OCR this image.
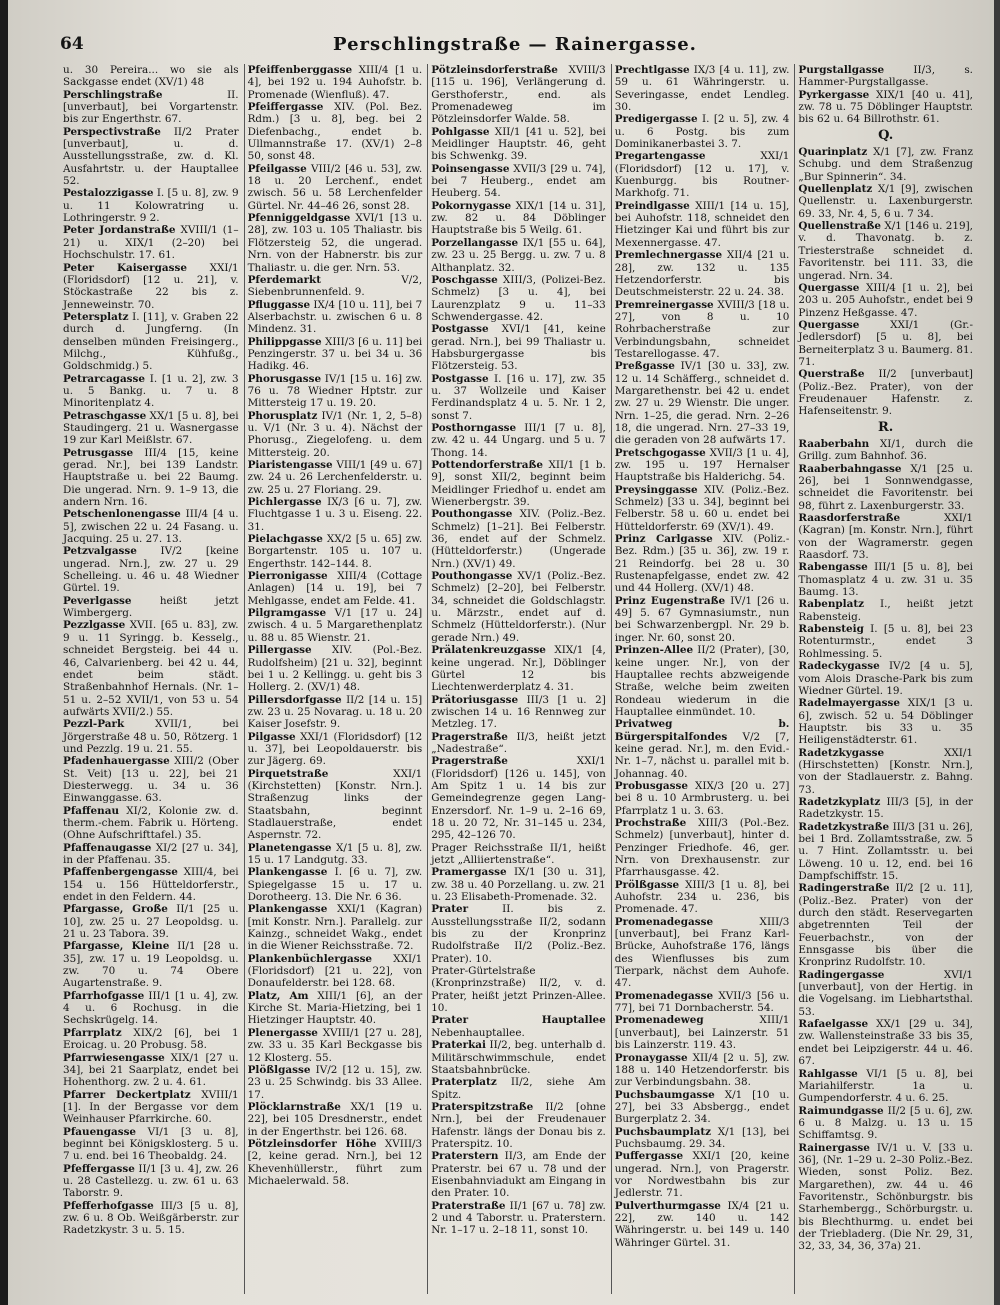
64	Perschlingstraße — Rainergasse.

u. 30 Pereira... wo sie als Sackgasse endet (XV/1) 48

Perschlingstraße	II. [unverbaut], bei Vorgartenstr. bis zur Engerthstr. 67.

Perspectivstraße II/2 Prater [unverbaut], u. d. Ausstellungsstraße, zw. d. Kl. Ausfahrtstr. u. der Hauptallee 52.

Pestalozzigasse I. [5 u. 8], zw. 9 u. 11 Kolowratring u. Lothringerstr. 9 2.

Peter Jordanstraße XVIII/1 (1–21) u. XIX/1 (2–20) bei Hochschulstr. 17. 61.

Peter Kaisergasse XXI/1 (Floridsdorf) [12 u. 21], v. Stöckastraße 22 bis z. Jenneweinstr. 70.

Petersplatz I. [11], v. Graben 22 durch d. Jungferng. (In denselben münden Freisingerg., Milchg., Kühfußg., Goldschmidg.) 5.

Petrarcagasse I. [1 u. 2], zw. 3 u. 5 Bankg. u. 7 u. 8 Minoritenplatz 4.

Petraschgasse XX/1 [5 u. 8], bei Staudingerg. 21 u. Wasnergasse 19 zur Karl Meißlstr. 67.

Petrusgasse III/4 [15, keine gerad. Nr.], bei 139 Landstr. Hauptstraße u. bei 22 Baumg. Die ungerad. Nrn. 9. 1–9 13, die andern Nrn. 16.

Petschenlonengasse III/4 [4 u. 5], zwischen 22 u. 24 Fasang. u. Jacquing. 25 u. 27. 13.

Petzvalgasse IV/2 [keine ungerad. Nrn.], zw. 27 u. 29 Schelleing. u. 46 u. 48 Wiedner Gürtel. 19.

Peverlgasse	heißt jetzt Wimbergerg.

Pezzlgasse XVII. [65 u. 83], zw. 9 u. 11 Syringg. b. Kesselg., schneidet Bergsteig. bei 44 u. 46, Calvarienberg. bei 42 u. 44, endet beim städt. Straßenbahnhof Hernals. (Nr. 1–51 u. 2–52 XVII/1, von 53 u. 54 aufwärts XVII/2.) 55.

Pezzl-Park	XVII/1, bei Jörgerstraße 48 u. 50, Rötzerg. 1 und Pezzlg. 19 u. 21. 55.

Pfadenhauergasse XIII/2 (Ober St. Veit) [13 u. 22], bei 21 Diesterwegg. u. 34 u. 36 Einwanggasse. 63.

Pfaffenau XI/2, Kolonie zw. d. therm.-chem. Fabrik u. Hörteng. (Ohne Aufschrifttafel.) 35.

Pfaffenaugasse XI/2 [27 u. 34], in der Pfaffenau. 35.

Pfaffenbergengasse XIII/4, bei 154 u. 156 Hütteldorferstr., endet in den Feldern. 44.

Pfargasse, Große II/1 [25 u. 10], zw. 25 u. 27 Leopoldsg. u. 21 u. 23 Tabora. 39.

Pfargasse, Kleine II/1 [28 u. 35], zw. 17 u. 19 Leopoldsg. u. zw. 70 u. 74 Obere Augartenstraße. 9.

Pfarrhofgasse III/1 [1 u. 4], zw. 4 u. 6 Rochusg. in die Sechskrügelg. 14.

Pfarrplatz XIX/2 [6], bei 1 Eroicag. u. 20 Probusg. 58.

Pfarrwiesengasse XIX/1 [27 u. 34], bei 21 Saarplatz, endet bei Hohenthorg. zw. 2 u. 4. 61.

Pfarrer Deckertplatz XVIII/1 [1]. In der Bergasse vor dem Weinhauser Pfarrkirche. 60.

Pfauengasse VI/1 [3 u. 8], beginnt bei Königsklosterg. 5 u. 7 u. end. bei 16 Theobaldg. 24.

Pfeffergasse II/1 [3 u. 4], zw. 26 u. 28 Castellezg. u. zw. 61 u. 63 Taborstr. 9.

Pfefferhofgasse III/3 [5 u. 8], zw. 6 u. 8 Ob. Weißgärberstr. zur Radetzkystr. 3 u. 5. 15.

Pfeiffenberggasse XIII/4 [1 u. 4], bei 192 u. 194 Auhofstr. b. Promenade (Wienfluß). 47.

Pfeiffergasse XIV. (Pol. Bez. Rdm.) [3 u. 8], beg. bei 2 Diefenbachg., endet b. Ullmannstraße 17. (XV/1) 2–8 50, sonst 48.

Pfeilgasse VIII/2 [46 u. 53], zw. 18 u. 20 Lerchenf., endet zwisch. 56 u. 58 Lerchenfelder Gürtel. Nr. 44–46 26, sonst 28.

Pfenniggeldgasse XVI/1 [13 u. 28], zw. 103 u. 105 Thaliastr. bis Flötzersteig 52, die ungerad. Nrn. von der Habnerstr. bis zur Thaliastr. u. die ger. Nrn. 53.

Pferdemarkt	V/2, Siebenbrunnenfeld. 9.

Pfluggasse IX/4 [10 u. 11], bei 7 Alserbachstr. u. zwischen 6 u. 8 Mindenz. 31.

Philippgasse XIII/3 [6 u. 11] bei Penzingerstr. 37 u. bei 34 u. 36 Hadikg. 46.

Phorusgasse IV/1 [15 u. 16] zw. 76 u. 78 Wiedner Hptstr. zur Mittersteig 17 u. 19. 20.

Phorusplatz IV/1 (Nr. 1, 2, 5–8) u. V/1 (Nr. 3 u. 4). Nächst der Phorusg., Ziegelofeng. u. dem Mittersteig. 20.

Piaristengasse VIII/1 [49 u. 67] zw. 24 u. 26 Lerchenfelderstr. u. zw. 25 u. 27 Floriang. 29.

Pichlergasse IX/3 [6 u. 7], zw. Fluchtgasse 1 u. 3 u. Eiseng. 22. 31.

Pielachgasse XX/2 [5 u. 65] zw. Borgartenstr. 105 u. 107 u. Engerthstr. 142–144. 8.

Pierronigasse XIII/4 (Cottage Anlagen) [14 u. 19], bei 7 Mehlgasse, endet am Felde. 41.

Pilgramgasse V/1 [17 u. 24] zwisch. 4 u. 5 Margarethenplatz u. 88 u. 85 Wienstr. 21.

Pillergasse XIV. (Pol.-Bez. Rudolfsheim) [21 u. 32], beginnt bei 1 u. 2 Kellingg. u. geht bis 3 Hollerg. 2. (XV/1) 48.

Pillersdorfgasse II/2 [14 u. 15] zw. 23 u. 25 Novarag. u. 18 u. 20 Kaiser Josefstr. 9.

Pilgasse XXI/1 (Floridsdorf) [12 u. 37], bei Leopoldauerstr. bis zur Jägerg. 69.

Pirquetstraße	XXI/1 (Kirchstetten) [Konstr. Nrn.]. Straßenzug links der Staatsbahn, beginnt Stadlauerstraße, endet Aspernstr. 72.

Planetengasse X/1 [5 u. 8], zw. 15 u. 17 Landgutg. 33.

Plankengasse I. [6 u. 7], zw. Spiegelgasse 15 u. 17 u. Dorotheerg. 13. Die Nr. 6 36.

Plankengasse XXI/1 (Kagran) [mit Konstr. Nrn.]. Parallelg. zur Kainzg., schneidet Wakg., endet in die Wiener Reichsstraße. 72.

Plankenbüchlergasse XXI/1 (Floridsdorf) [21 u. 22], von Donaufelderstr. bei 128. 68.

Platz, Am XIII/1 [6], an der Kirche St. Maria-Hietzing, bei 1 Hietzinger Hauptstr. 40.

Plenergasse XVIII/1 [27 u. 28], zw. 33 u. 35 Karl Beckgasse bis 12 Klosterg. 55.

Plößlgasse IV/2 [12 u. 15], zw. 23 u. 25 Schwindg. bis 33 Allee. 17.

Plöcklarnstraße XX/1 [19 u. 22], bei 105 Dresdnerstr., endet in der Engerthstr. bei 126. 68.

Pötzleinsdorfer Höhe XVIII/3 [2, keine gerad. Nrn.], bei 12 Khevenhüllerstr., führt zum Michaelerwald. 58.

Pötzleinsdorferstraße XVIII/3 [115 u. 196], Verlängerung d. Gersthoferstr., end. als Promenadeweg im Pötzleinsdorfer Walde. 58.

Pohlgasse XII/1 [41 u. 52], bei Meidlinger Hauptstr. 46, geht bis Schwenkg. 39.

Poinsengasse XVII/3 [29 u. 74], bei 7 Heuberg., endet am Heuberg. 54.

Pokornygasse XIX/1 [14 u. 31], zw. 82 u. 84 Döblinger Hauptstraße bis 5 Weilg. 61.

Porzellangasse IX/1 [55 u. 64], zw. 23 u. 25 Bergg. u. zw. 7 u. 8 Althanplatz. 32.

Poschgasse XIII/3, (Polizei-Bez. Schmelz) [3 u. 4], bei Laurenzplatz 9 u. 11–33 Schwendergasse. 42.

Postgasse XVI/1 [41, keine gerad. Nrn.], bei 99 Thaliastr u. Habsburgergasse bis Flötzersteig. 53.

Postgasse I. [16 u. 17], zw. 35 u. 37 Wollzeile und Kaiser Ferdinandsplatz 4 u. 5. Nr. 1 2, sonst 7.

Posthorngasse III/1 [7 u. 8], zw. 42 u. 44 Ungarg. und 5 u. 7 Thong. 14.

Pottendorferstraße XII/1 [1 b. 9], sonst XII/2, beginnt beim Meidlinger Friedhof u. endet am Wienerbergstr. 39.

Pouthongasse XIV. (Poliz.-Bez. Schmelz) [1–21]. Bei Felberstr. 36, endet auf der Schmelz. (Hütteldorferstr.) (Ungerade Nrn.) (XV/1) 49.

Pouthongasse XV/1 (Poliz.-Bez. Schmelz) [2–20], bei Felberstr. 34, schneidet die Goldschlagstr. u. Märzstr., endet auf d. Schmelz (Hütteldorferstr.). (Nur gerade Nrn.) 49.

Prälatenkreuzgasse XIX/1 [4, keine ungerad. Nr.], Döblinger Gürtel 12 bis Liechtenwerderplatz 4. 31.

Prätoriusgasse III/3 [1 u. 2] zwischen 14 u. 16 Rennweg zur Metzleg. 17.

Pragerstraße II/3, heißt jetzt „Nadestraße“.

Pragerstraße	XXI/1 (Floridsdorf) [126 u. 145], von Am Spitz 1 u. 14 bis zur Gemeindegrenze gegen Lang-Enzersdorf. Nr. 1–9 u. 2–16 69, 18 u. 20 72, Nr. 31–145 u. 234, 295, 42–126 70.

Prager Reichsstraße II/1, heißt jetzt „Alliiertenstraße“.

Pramergasse IX/1 [30 u. 31], zw. 38 u. 40 Porzellang. u. zw. 21 u. 23 Elisabeth-Promenade. 32.

Prater	II. bis z. Ausstellungsstraße II/2, sodann bis zu der Kronprinz Rudolfstraße II/2 (Poliz.-Bez. Prater). 10.

Prater-Gürtelstraße (Kronprinzstraße) II/2, v. d. Prater, heißt jetzt Prinzen-Allee. 10.

Prater Hauptallee Nebenhauptallee.

Praterkai II/2, beg. unterhalb d. Militärschwimmschule, endet Staatsbahnbrücke.

Praterplatz II/2, siehe Am Spitz.

Praterspitzstraße II/2 [ohne Nrn.], bei der Freudenauer Hafenstr. längs der Donau bis z. Praterspitz. 10.

Praterstern II/3, am Ende der Praterstr. bei 67 u. 78 und der Eisenbahnviadukt am Eingang in den Prater. 10.

Praterstraße II/1 [67 u. 78] zw. 2 und 4 Taborstr. u. Praterstern. Nr. 1–17 u. 2–18 11, sonst 10.

Prechtlgasse IX/3 [4 u. 11], zw. 59 u. 61 Währingerstr. u. Severingasse, endet Lendleg. 30.

Predigergasse I. [2 u. 5], zw. 4 u. 6 Postg. bis zum Dominikanerbastei 3. 7.

Pregartengasse	XXI/1 (Floridsdorf) [12 u. 17], v. Kuenburgg. bis Routner-Markhofg. 71.

Preindlgasse XIII/1 [14 u. 15], bei Auhofstr. 118, schneidet den Hietzinger Kai und führt bis zur Mexennergasse. 47.

Premlechnergasse XII/4 [21 u. 28], zw. 132 u. 135 Hetzendorferstr. bis Deutschmeisterstr. 22 u. 24. 38.

Premreinergasse XVIII/3 [18 u. 27], von 8 u. 10 Rohrbacherstraße zur Verbindungsbahn, schneidet Testarellogasse. 47.

Preßgasse IV/1 [30 u. 33], zw. 12 u. 14 Schäfferg., schneidet d. Margarethenstr. bei 42 u. endet zw. 27 u. 29 Wienstr. Die unger. Nrn. 1–25, die gerad. Nrn. 2–26 18, die ungerad. Nrn. 27–33 19, die geraden von 28 aufwärts 17.

Pretschgogasse XVII/3 [1 u. 4], zw. 195 u. 197 Hernalser Hauptstraße bis Halderichg. 54.

Preysinggasse XIV. (Poliz.-Bez. Schmelz) [33 u. 34], beginnt bei Felberstr. 58 u. 60 u. endet bei Hütteldorferstr. 69 (XV/1). 49.

Prinz Carlgasse XIV. (Poliz.-Bez. Rdm.) [35 u. 36], zw. 19 r. 21 Reindorfg. bei 28 u. 30 Rustenapfelgasse, endet zw. 42 und 44 Hollerg. (XV/1) 48.

Prinz Eugenstraße IV/1 [26 u. 49] 5. 67 Gymnasiumstr., nun bei Schwarzenbergpl. Nr. 29 b. inger. Nr. 60, sonst 20.

Prinzen-Allee II/2 (Prater), [30, keine unger. Nr.], von der Hauptallee rechts abzweigende Straße, welche beim zweiten Rondeau wiederum in die Hauptallee einmündet. 10.

Privatweg b. Bürgerspitalfondes V/2 [7, keine gerad. Nr.], m. den Evid.-Nr. 1–7, nächst u. parallel mit b. Johannag. 40.

Probusgasse XIX/3 [20 u. 27] bei 8 u. 10 Armbrusterg. u. bei Pfarrplatz 1 u. 3. 63.

Prochstraße XIII/3 (Pol.-Bez. Schmelz) [unverbaut], hinter d. Penzinger Friedhofe. 46, ger. Nrn. von Drexhausenstr. zur Pfarrhausgasse. 42.

Prölßgasse XIII/3 [1 u. 8], bei Auhofstr. 234 u. 236, bis Promenade. 47.

Promenadegasse	XIII/3 [unverbaut], bei Franz Karl-Brücke, Auhofstraße 176, längs des Wienflusses bis zum Tierpark, nächst dem Auhofe. 47.

Promenadegasse XVII/3 [56 u. 77], bei 71 Dornbacherstr. 54.

Promenadeweg	XIII/1 [unverbaut], bei Lainzerstr. 51 bis Lainzerstr. 119. 43.

Pronaygasse XII/4 [2 u. 5], zw. 188 u. 140 Hetzendorferstr. bis zur Verbindungsbahn. 38.

Puchsbaumgasse X/1 [10 u. 27], bei 33 Absbergg., endet Burgerplatz 2. 34.

Puchsbaumplatz X/1 [13], bei Puchsbaumg. 29. 34.

Puffergasse XXI/1 [20, keine ungerad. Nrn.], von Pragerstr. vor Nordwestbahn bis zur Jedlerstr. 71.

Pulverthurmgasse IX/4 [21 u. 22], zw. 140 u. 142 Währingerstr. u. bei 149 u. 140 Währinger Gürtel. 31.

Purgstallgasse	II/3, s. Hammer-Purgstallgasse.

Pyrkergasse XIX/1 [40 u. 41], zw. 78 u. 75 Döblinger Hauptstr. bis 62 u. 64 Billrothstr. 61.

Q.

Quarinplatz X/1 [7], zw. Franz Schubg. und dem Straßenzug „Bur Spinnerin“. 34.

Quellenplatz X/1 [9], zwischen Quellenstr. u. Laxenburgerstr. 69. 33, Nr. 4, 5, 6 u. 7 34.

Quellenstraße X/1 [146 u. 219], v. d. Thavonatg. b. z. Triesterstraße schneidet d. Favoritenstr. bei 111. 33, die ungerad. Nrn. 34.

Quergasse XIII/4 [1 u. 2], bei 203 u. 205 Auhofstr., endet bei 9 Pinzenz Heßgasse. 47.

Quergasse	XXI/1 (Gr.-Jedlersdorf) [5 u. 8], bei Berneiterplatz 3 u. Baumerg. 81. 71.

Querstraße II/2 [unverbaut] (Poliz.-Bez. Prater), von der Freudenauer Hafenstr. z. Hafenseitenstr. 9.

R.

Raaberbahn XI/1, durch die Grillg. zum Bahnhof. 36.

Raaberbahngasse X/1 [25 u. 26], bei 1 Sonnwendgasse, schneidet die Favoritenstr. bei 98, führt z. Laxenburgerstr. 33.

Raasdorferstraße	XXI/1 (Kagran) [m. Konstr. Nrn.], führt von der Wagramerstr. gegen Raasdorf. 73.

Rabengasse III/1 [5 u. 8], bei Thomasplatz 4 u. zw. 31 u. 35 Baumg. 13.

Rabenplatz I., heißt jetzt Rabensteig.

Rabensteig I. [5 u. 8], bei 23 Rotenturmstr., endet 3 Rohlmessing. 5.

Radeckygasse IV/2 [4 u. 5], vom Alois Drasche-Park bis zum Wiedner Gürtel. 19.

Radelmayergasse XIX/1 [3 u. 6], zwisch. 52 u. 54 Döblinger Hauptstr. bis 33 u. 35 Heiligenstädterstr. 61.

Radetzkygasse	XXI/1 (Hirschstetten) [Konstr. Nrn.], von der Stadlauerstr. z. Bahng. 73.

Radetzkyplatz III/3 [5], in der Radetzkystr. 15.

Radetzkystraße III/3 [31 u. 26], bei 1 Brd. Zollamtsstraße, zw. 5 u. 7 Hint. Zollamtsstr. u. bei Löweng. 10 u. 12, end. bei 16 Dampfschiffstr. 15.

Radingerstraße II/2 [2 u. 11], (Poliz.-Bez. Prater) von der durch den städt. Reservegarten abgetrennten Teil der Feuerbachstr., von der Ennsgasse bis über die Kronprinz Rudolfstr. 10.

Radingergasse	XVI/1 [unverbaut], von der Hertig. in die Vogelsang. im Liebhartsthal. 53.

Rafaelgasse XX/1 [29 u. 34], zw. Wallensteinstraße 33 bis 35, endet bei Leipzigerstr. 44 u. 46. 67.

Rahlgasse VI/1 [5 u. 8], bei Mariahilferstr. 1a u. Gumpendorferstr. 4 u. 6. 25.

Raimundgasse II/2 [5 u. 6], zw. 6 u. 8 Malzg. u. 13 u. 15 Schiffamtsg. 9.

Rainergasse IV/1 u. V. [33 u. 36], (Nr. 1–29 u. 2–30 Poliz.-Bez. Wieden, sonst Poliz. Bez. Margarethen), zw. 44 u. 46 Favoritenstr., Schönburgstr. bis Starhembergg., Schörburgstr. u. bis Blechthurmg. u. endet bei der Triebladerg. (Die Nr. 29, 31, 32, 33, 34, 36, 37a) 21.
